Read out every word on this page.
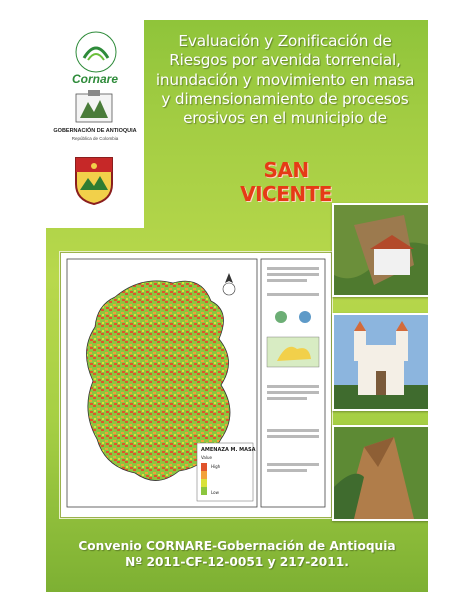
Cornare
GOBERNACIÓN DE ANTIOQUIA
República de Colombia
Evaluación y Zonificación de
Riesgos por avenida torrencial,
inundación y movimiento en masa
y dimensionamiento de procesos
erosivos en el municipio de
SAN VICENTE
AMENAZA M. MASA
Value
High
Low
Convenio CORNARE-Gobernación de Antioquia
Nº 2011-CF-12-0051 y 217-2011.
